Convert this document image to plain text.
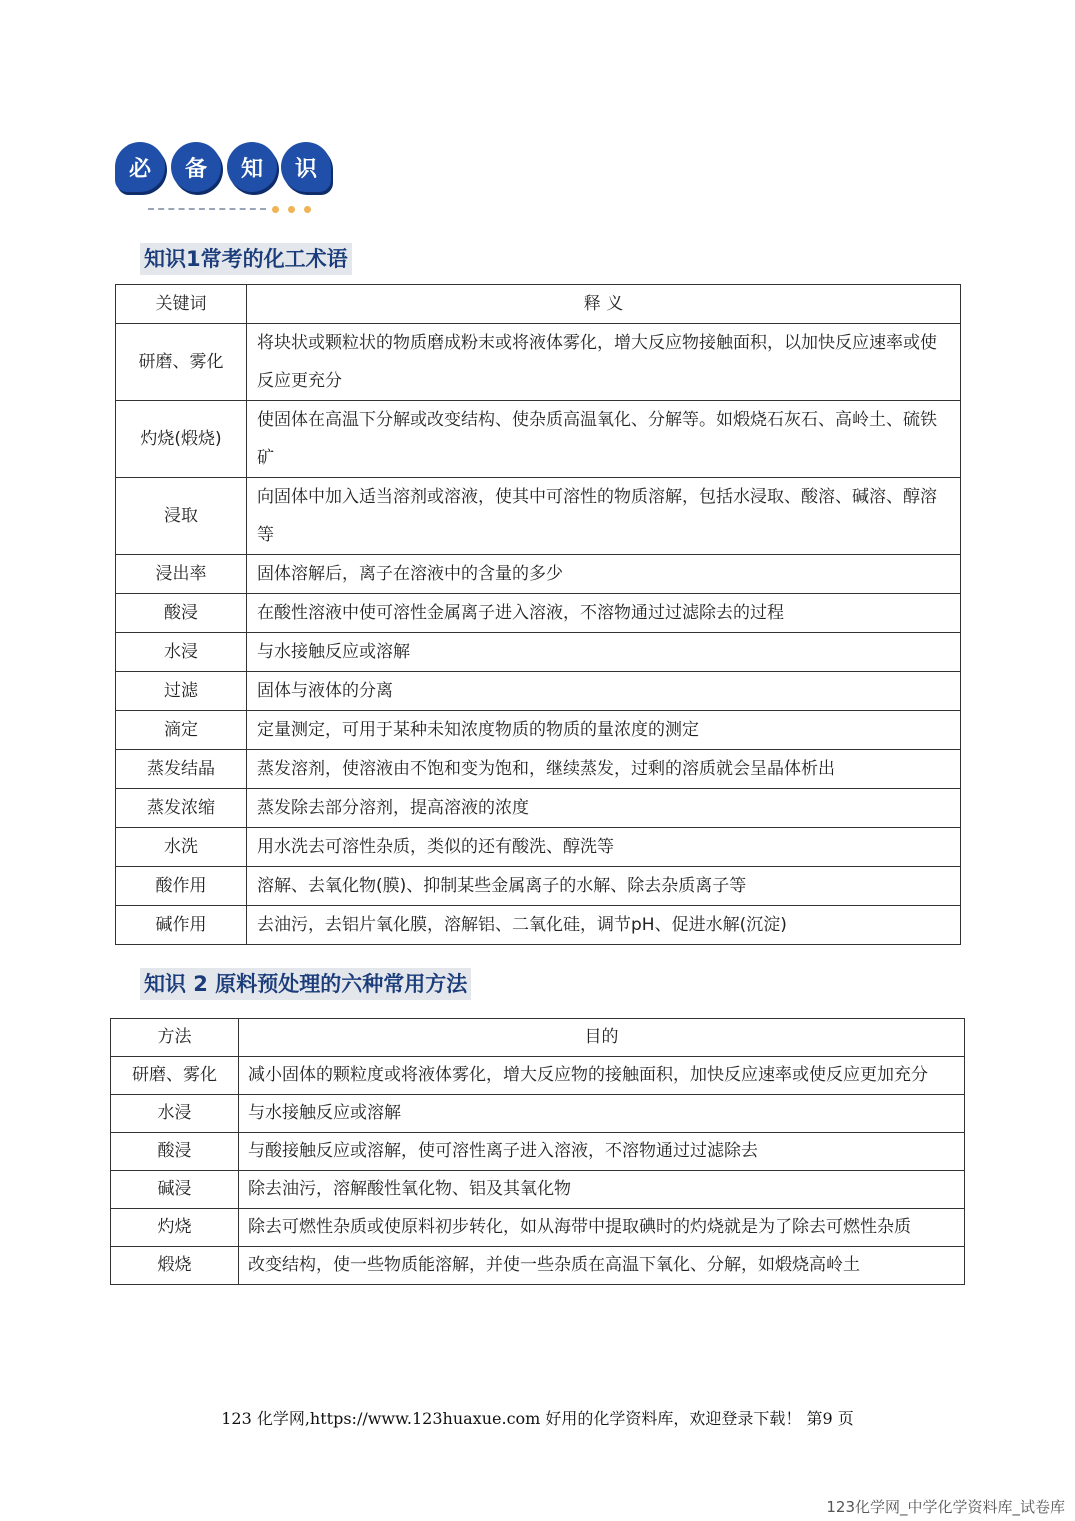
必	备	知	识
知识1常考的化工术语
关键词	释 义
研磨、雾化	将块状或颗粒状的物质磨成粉末或将液体雾化，增大反应物接触面积，以加快反应速率或使反应更充分
灼烧(煅烧)	使固体在高温下分解或改变结构、使杂质高温氧化、分解等。如煅烧石灰石、高岭土、硫铁矿
浸取	向固体中加入适当溶剂或溶液，使其中可溶性的物质溶解，包括水浸取、酸溶、碱溶、醇溶等
浸出率	固体溶解后，离子在溶液中的含量的多少
酸浸	在酸性溶液中使可溶性金属离子进入溶液，不溶物通过过滤除去的过程
水浸	与水接触反应或溶解
过滤	固体与液体的分离
滴定	定量测定，可用于某种未知浓度物质的物质的量浓度的测定
蒸发结晶	蒸发溶剂，使溶液由不饱和变为饱和，继续蒸发，过剩的溶质就会呈晶体析出
蒸发浓缩	蒸发除去部分溶剂，提高溶液的浓度
水洗	用水洗去可溶性杂质，类似的还有酸洗、醇洗等
酸作用	溶解、去氧化物(膜)、抑制某些金属离子的水解、除去杂质离子等
碱作用	去油污，去铝片氧化膜，溶解铝、二氧化硅，调节pH、促进水解(沉淀)
知识 2 原料预处理的六种常用方法
方法	目的
研磨、雾化	减小固体的颗粒度或将液体雾化，增大反应物的接触面积，加快反应速率或使反应更加充分
水浸	与水接触反应或溶解
酸浸	与酸接触反应或溶解，使可溶性离子进入溶液，不溶物通过过滤除去
碱浸	除去油污，溶解酸性氧化物、铝及其氧化物
灼烧	除去可燃性杂质或使原料初步转化，如从海带中提取碘时的灼烧就是为了除去可燃性杂质
煅烧	改变结构，使一些物质能溶解，并使一些杂质在高温下氧化、分解，如煅烧高岭土
123 化学网,https://www.123huaxue.com 好用的化学资料库，欢迎登录下载！ 第9 页
123化学网_中学化学资料库_试卷库
